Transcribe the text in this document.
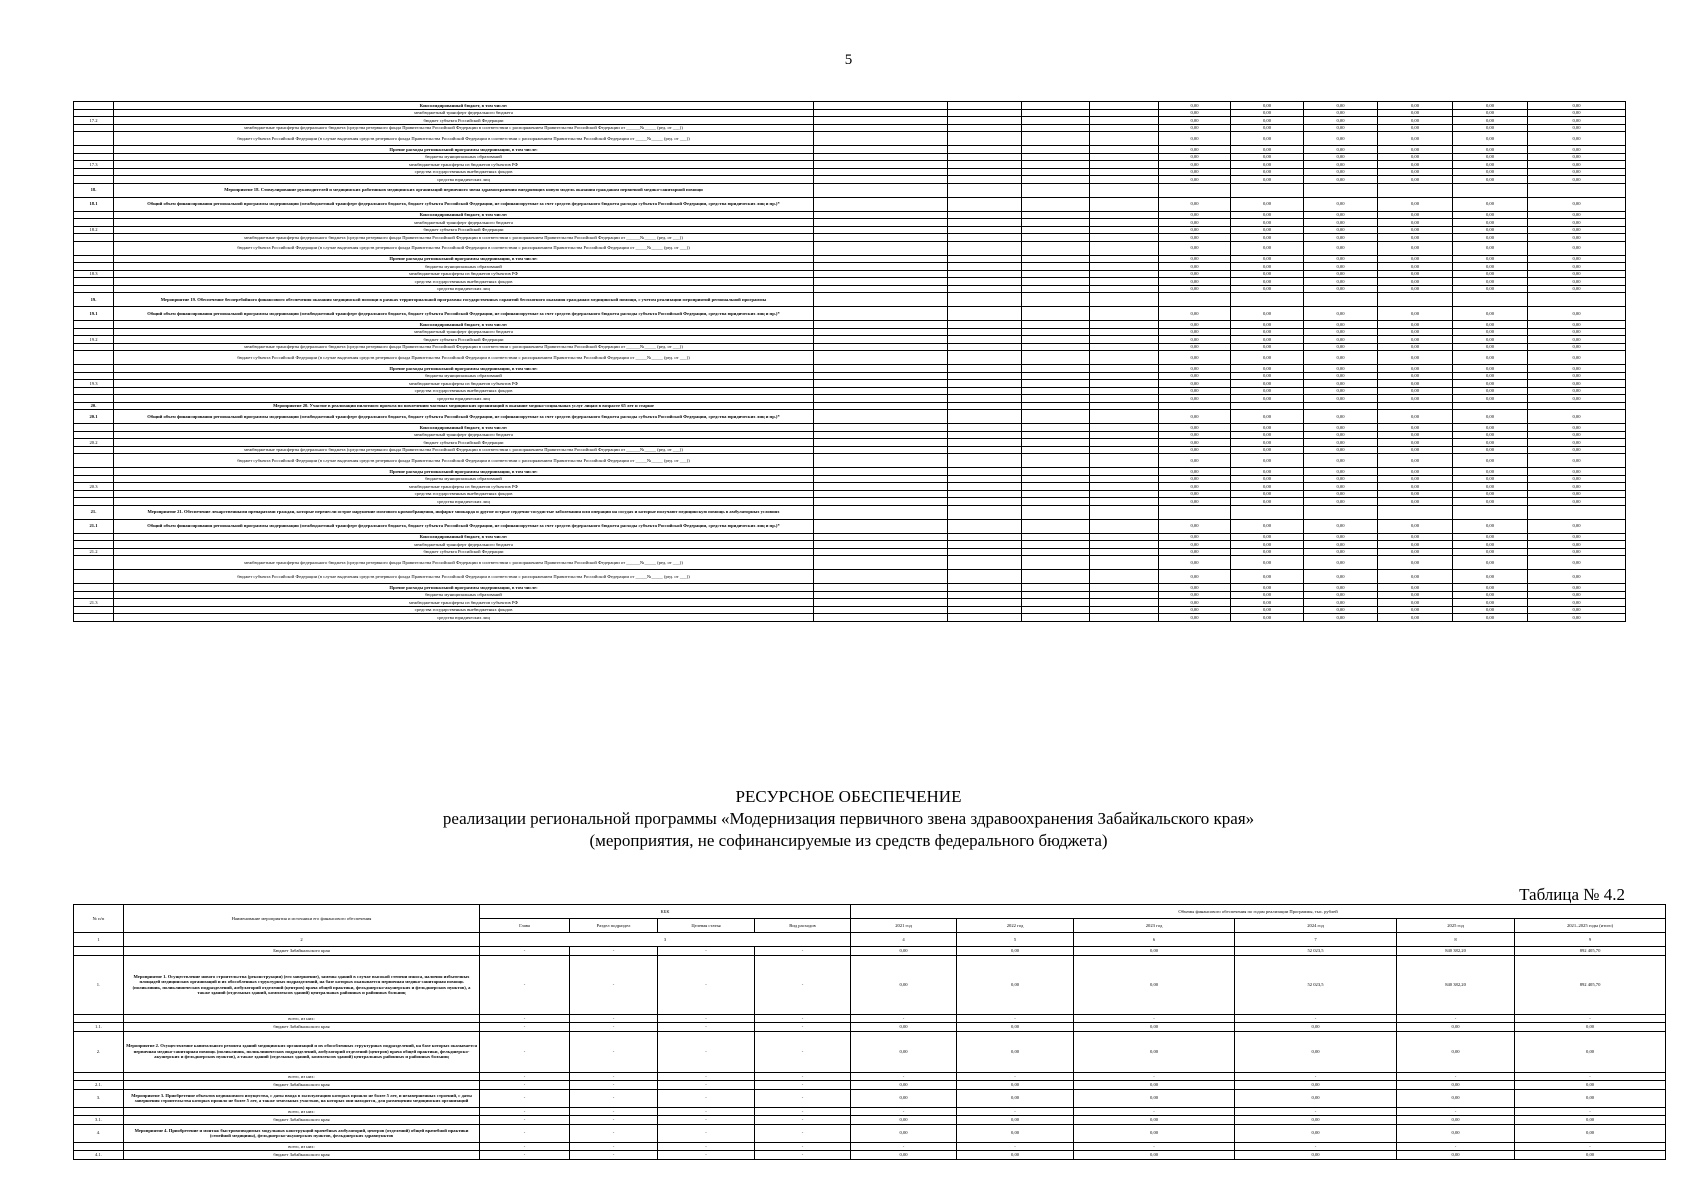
5
	Консолидированный бюджет, в том числе:					0,00	0,00	0,00	0,00	0,00	0,00
	межбюджетный трансферт федерального бюджета					0,00	0,00	0,00	0,00	0,00	0,00
17.2	бюджет субъекта Российской Федерации					0,00	0,00	0,00	0,00	0,00	0,00
	межбюджетные трансферты федерального бюджета (средства резервного фонда Правительства Российской Федерации в соответствии с распоряжением Правительства Российской Федерации от ______№_____ (ред. от ___))					0,00	0,00	0,00	0,00	0,00	0,00
	бюджет субъекта Российской Федерации (в случае выделения средств резервного фонда Правительства Российской Федерации в соответствии с распоряжением Правительства Российской Федерации от _____№_____ (ред. от ___))					0,00	0,00	0,00	0,00	0,00	0,00
	Прочие расходы региональной программы модернизации, в том числе:					0,00	0,00	0,00	0,00	0,00	0,00
	бюджеты муниципальных образований					0,00	0,00	0,00	0,00	0,00	0,00
17.3	межбюджетные трансферты из бюджетов субъектов РФ					0,00	0,00	0,00	0,00	0,00	0,00
	средства государственных внебюджетных фондов					0,00	0,00	0,00	0,00	0,00	0,00
	средства юридических лиц					0,00	0,00	0,00	0,00	0,00	0,00
18.	Мероприятие 18. Стимулирование руководителей и медицинских работников медицинских организаций первичного звена здравоохранения внедряющих новую модель оказания гражданам первичной медико-санитарной помощи										
18.1	Общий объем финансирования региональной программы модернизации (межбюджетный трансферт федерального бюджета, бюджет субъекта Российской Федерации, не софинансируемые за счет средств федерального бюджета расходы субъекта Российской Федерации, средства юридических лиц и пр.)*					0,00	0,00	0,00	0,00	0,00	0,00
	Консолидированный бюджет, в том числе:					0,00	0,00	0,00	0,00	0,00	0,00
	межбюджетный трансферт федерального бюджета					0,00	0,00	0,00	0,00	0,00	0,00
18.2	бюджет субъекта Российской Федерации					0,00	0,00	0,00	0,00	0,00	0,00
	межбюджетные трансферты федерального бюджета (средства резервного фонда Правительства Российской Федерации в соответствии с распоряжением Правительства Российской Федерации от ______№_____ (ред. от ___))					0,00	0,00	0,00	0,00	0,00	0,00
	бюджет субъекта Российской Федерации (в случае выделения средств резервного фонда Правительства Российской Федерации в соответствии с распоряжением Правительства Российской Федерации от _____№_____ (ред. от ___))					0,00	0,00	0,00	0,00	0,00	0,00
	Прочие расходы региональной программы модернизации, в том числе:					0,00	0,00	0,00	0,00	0,00	0,00
	бюджеты муниципальных образований					0,00	0,00	0,00	0,00	0,00	0,00
18.3	межбюджетные трансферты из бюджетов субъектов РФ					0,00	0,00	0,00	0,00	0,00	0,00
	средства государственных внебюджетных фондов					0,00	0,00	0,00	0,00	0,00	0,00
	средства юридических лиц					0,00	0,00	0,00	0,00	0,00	0,00
19.	Мероприятие 19. Обеспечение бесперебойного финансового обеспечения оказания медицинской помощи в рамках территориальной программы государственных гарантий бесплатного оказания гражданам медицинской помощи, с учетом реализации мероприятий региональной программы										
19.1	Общий объем финансирования региональной программы модернизации (межбюджетный трансферт федерального бюджета, бюджет субъекта Российской Федерации, не софинансируемые за счет средств федерального бюджета расходы субъекта Российской Федерации, средства юридических лиц и пр.)*					0,00	0,00	0,00	0,00	0,00	0,00
	Консолидированный бюджет, в том числе:					0,00	0,00	0,00	0,00	0,00	0,00
	межбюджетный трансферт федерального бюджета					0,00	0,00	0,00	0,00	0,00	0,00
19.2	бюджет субъекта Российской Федерации					0,00	0,00	0,00	0,00	0,00	0,00
	межбюджетные трансферты федерального бюджета (средства резервного фонда Правительства Российской Федерации в соответствии с распоряжением Правительства Российской Федерации от ______№_____ (ред. от ___))					0,00	0,00	0,00	0,00	0,00	0,00
	бюджет субъекта Российской Федерации (в случае выделения средств резервного фонда Правительства Российской Федерации в соответствии с распоряжением Правительства Российской Федерации от _____№_____ (ред. от ___))					0,00	0,00	0,00	0,00	0,00	0,00
	Прочие расходы региональной программы модернизации, в том числе:					0,00	0,00	0,00	0,00	0,00	0,00
	бюджеты муниципальных образований					0,00	0,00	0,00	0,00	0,00	0,00
19.3	межбюджетные трансферты из бюджетов субъектов РФ					0,00	0,00	0,00	0,00	0,00	0,00
	средства государственных внебюджетных фондов					0,00	0,00	0,00	0,00	0,00	0,00
	средства юридических лиц					0,00	0,00	0,00	0,00	0,00	0,00
20.	Мероприятие 20. Участие в реализации пилотного проекта по вовлечению частных медицинских организаций в оказание медико-социальных услуг лицам в возрасте 65 лет и старше										
20.1	Общий объем финансирования региональной программы модернизации (межбюджетный трансферт федерального бюджета, бюджет субъекта Российской Федерации, не софинансируемые за счет средств федерального бюджета расходы субъекта Российской Федерации, средства юридических лиц и пр.)*					0,00	0,00	0,00	0,00	0,00	0,00
	Консолидированный бюджет, в том числе:					0,00	0,00	0,00	0,00	0,00	0,00
	межбюджетный трансферт федерального бюджета					0,00	0,00	0,00	0,00	0,00	0,00
20.2	бюджет субъекта Российской Федерации					0,00	0,00	0,00	0,00	0,00	0,00
	межбюджетные трансферты федерального бюджета (средства резервного фонда Правительства Российской Федерации в соответствии с распоряжением Правительства Российской Федерации от ______№_____ (ред. от ___))					0,00	0,00	0,00	0,00	0,00	0,00
	бюджет субъекта Российской Федерации (в случае выделения средств резервного фонда Правительства Российской Федерации в соответствии с распоряжением Правительства Российской Федерации от _____№_____ (ред. от ___))					0,00	0,00	0,00	0,00	0,00	0,00
	Прочие расходы региональной программы модернизации, в том числе:					0,00	0,00	0,00	0,00	0,00	0,00
	бюджеты муниципальных образований					0,00	0,00	0,00	0,00	0,00	0,00
20.3	межбюджетные трансферты из бюджетов субъектов РФ					0,00	0,00	0,00	0,00	0,00	0,00
	средства государственных внебюджетных фондов					0,00	0,00	0,00	0,00	0,00	0,00
	средства юридических лиц					0,00	0,00	0,00	0,00	0,00	0,00
21.	Мероприятие 21. Обеспечение лекарственными препаратами граждан, которые перенесли острое нарушение мозгового кровообращения, инфаркт миокарда и другие острые сердечно-сосудистые заболевания или операции на сосудах и которые получают медицинскую помощь в амбулаторных условиях										
21.1	Общий объем финансирования региональной программы модернизации (межбюджетный трансферт федерального бюджета, бюджет субъекта Российской Федерации, не софинансируемые за счет средств федерального бюджета расходы субъекта Российской Федерации, средства юридических лиц и пр.)*					0,00	0,00	0,00	0,00	0,00	0,00
	Консолидированный бюджет, в том числе:					0,00	0,00	0,00	0,00	0,00	0,00
	межбюджетный трансферт федерального бюджета					0,00	0,00	0,00	0,00	0,00	0,00
21.2	бюджет субъекта Российской Федерации					0,00	0,00	0,00	0,00	0,00	0,00
	межбюджетные трансферты федерального бюджета (средства резервного фонда Правительства Российской Федерации в соответствии с распоряжением Правительства Российской Федерации от ______№_____ (ред. от ___))					0,00	0,00	0,00	0,00	0,00	0,00
	бюджет субъекта Российской Федерации (в случае выделения средств резервного фонда Правительства Российской Федерации в соответствии с распоряжением Правительства Российской Федерации от _____№_____ (ред. от ___))					0,00	0,00	0,00	0,00	0,00	0,00
	Прочие расходы региональной программы модернизации, в том числе:					0,00	0,00	0,00	0,00	0,00	0,00
	бюджеты муниципальных образований					0,00	0,00	0,00	0,00	0,00	0,00
21.3	межбюджетные трансферты из бюджетов субъектов РФ					0,00	0,00	0,00	0,00	0,00	0,00
	средства государственных внебюджетных фондов					0,00	0,00	0,00	0,00	0,00	0,00
	средства юридических лиц					0,00	0,00	0,00	0,00	0,00	0,00
РЕСУРСНОЕ ОБЕСПЕЧЕНИЕ
реализации региональной программы «Модернизация первичного звена здравоохранения Забайкальского края»
(мероприятия, не софинансируемые из средств федерального бюджета)
Таблица № 4.2
№ п/п	Наименование мероприятия и источники его финансового обеспечения	КБК				Объемы финансового обеспечения по годам реализации Программы, тыс. рублей					
		Глава	Раздел подраздел	Целевая статья	Вид расходов	2021 год	2022 год	2023 год	2024 год	2025 год	2021–2025 годы (итого)
1	2	3				4	5	6	7	8	9
	Бюджет Забайкальского края	-	-	-	-	0,00	0,00	0,00	52 023,5	840 382,20	892 405,70
1.	Мероприятие 1. Осуществление нового строительства (реконструкции) (его завершение), замены зданий в случае высокой степени износа, наличия избыточных площадей медицинских организаций и их обособленных структурных подразделений, на базе которых оказывается первичная медико-санитарная помощь (поликлиник, поликлинических подразделений, амбулаторий отделений (центров) врача общей практики, фельдшерско-акушерских и фельдшерских пунктов), а также зданий (отдельных зданий, комплексов зданий) центральных районных и районных больниц	-	-	-	-	0,00	0,00	0,00	52 023,5	840 382,20	892 405,70
	всего, из них:	-	-	-	-	-	-	-	-	-	-
1.1.	бюджет Забайкальского края	-	-	-	-	0,00	0,00	0,00	0,00	0,00	0,00
2.	Мероприятие 2. Осуществление капитального ремонта зданий медицинских организаций и их обособленных структурных подразделений, на базе которых оказывается первичная медико-санитарная помощь (поликлиник, поликлинических подразделений, амбулаторий отделений (центров) врача общей практики, фельдшерско-акушерских и фельдшерских пунктов), а также зданий (отдельных зданий, комплексов зданий) центральных районных и районных больниц	-	-	-	-	0,00	0,00	0,00	0,00	0,00	0,00
	всего, из них:	-	-	-	-	-	-	-	-	-	-
2.1.	бюджет Забайкальского края	-	-	-	-	0,00	0,00	0,00	0,00	0,00	0,00
3.	Мероприятие 3. Приобретение объектов недвижимого имущества, с даты ввода в эксплуатацию которых прошло не более 5 лет, и незавершенных строений, с даты завершения строительства которых прошло не более 5 лет, а также земельных участков, на которых они находятся, для размещения медицинских организаций	-	-	-	-	0,00	0,00	0,00	0,00	0,00	0,00
	всего, из них:	-	-	-	-	-	-	-	-	-	-
3.1.	бюджет Забайкальского края	-	-	-	-	0,00	0,00	0,00	0,00	0,00	0,00
4.	Мероприятие 4. Приобретение и монтаж быстровозводимых модульных конструкций врачебных амбулаторий, центров (отделений) общей врачебной практики (семейной медицины), фельдшерско-акушерских пунктов, фельдшерских здравпунктов	-	-	-	-	0,00	0,00	0,00	0,00	0,00	0,00
	всего, из них:	-	-	-	-	-	-	-	-	-	-
4.1.	бюджет Забайкальского края	-	-	-	-	0,00	0,00	0,00	0,00	0,00	0,00
